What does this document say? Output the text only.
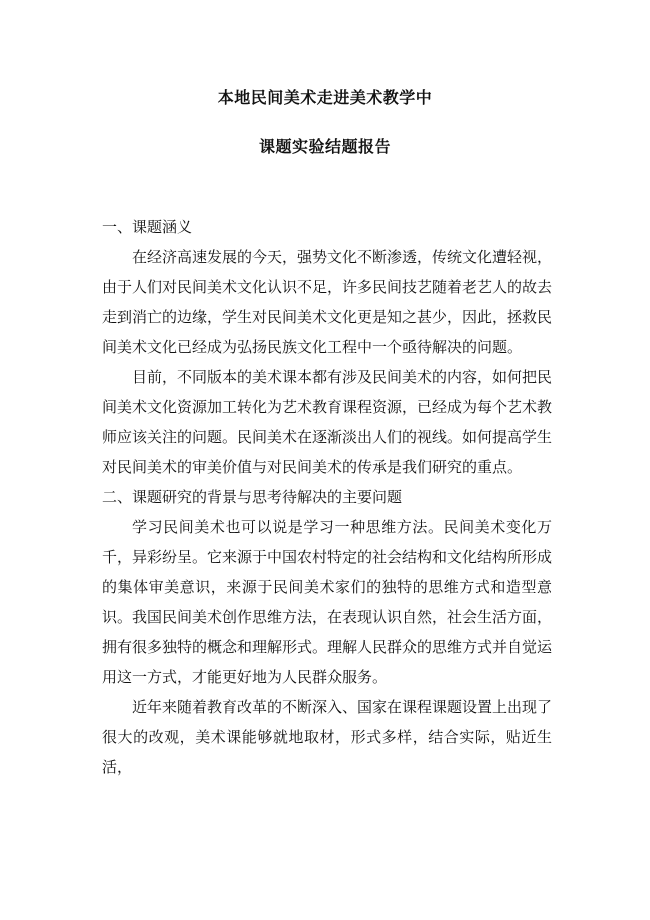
本地民间美术走进美术教学中
课题实验结题报告

一、课题涵义

在经济高速发展的今天，强势文化不断渗透，传统文化遭轻视，由于人们对民间美术文化认识不足，许多民间技艺随着老艺人的故去走到消亡的边缘，学生对民间美术文化更是知之甚少，因此，拯救民间美术文化已经成为弘扬民族文化工程中一个亟待解决的问题。

目前，不同版本的美术课本都有涉及民间美术的内容，如何把民间美术文化资源加工转化为艺术教育课程资源，已经成为每个艺术教师应该关注的问题。民间美术在逐渐淡出人们的视线。如何提高学生对民间美术的审美价值与对民间美术的传承是我们研究的重点。

二、课题研究的背景与思考待解决的主要问题

学习民间美术也可以说是学习一种思维方法。民间美术变化万千，异彩纷呈。它来源于中国农村特定的社会结构和文化结构所形成的集体审美意识，来源于民间美术家们的独特的思维方式和造型意识。我国民间美术创作思维方法，在表现认识自然，社会生活方面，拥有很多独特的概念和理解形式。理解人民群众的思维方式并自觉运用这一方式，才能更好地为人民群众服务。

近年来随着教育改革的不断深入、国家在课程课题设置上出现了很大的改观，美术课能够就地取材，形式多样，结合实际，贴近生活，
